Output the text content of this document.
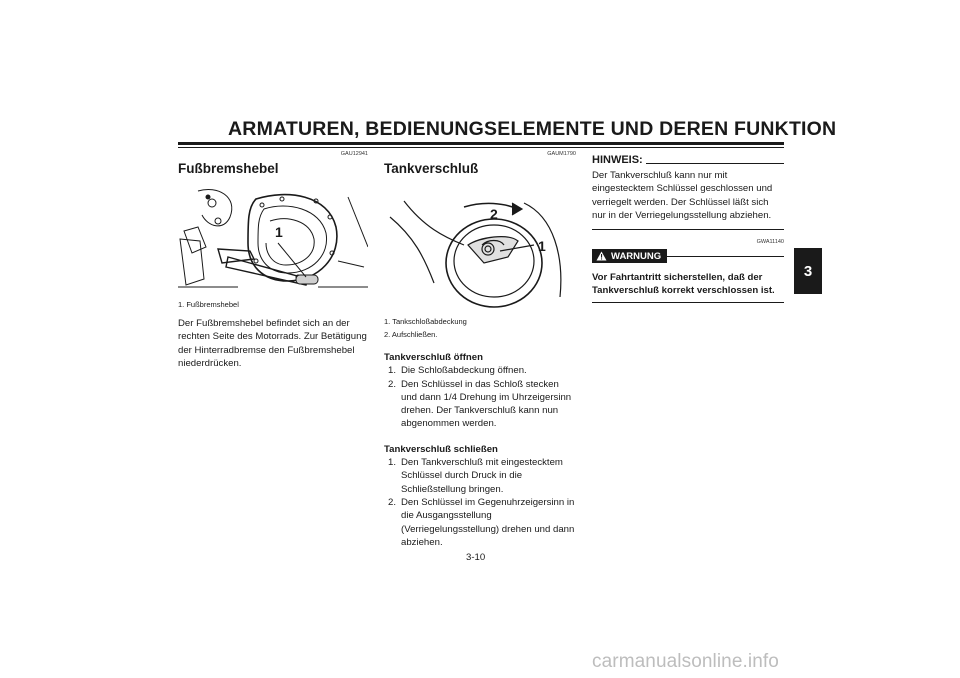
ARMATUREN, BEDIENUNGSELEMENTE UND DEREN FUNKTION
3
GAU12941
Fußbremshebel
1
1. Fußbremshebel
Der Fußbremshebel befindet sich an der rechten Seite des Motorrads. Zur Betätigung der Hinterradbremse den Fußbremshebel niederdrücken.
GAUM1790
Tankverschluß
2
1
1. Tankschloßabdeckung
2. Aufschließen.
Tankverschluß öffnen
1. Die Schloßabdeckung öffnen.
2. Den Schlüssel in das Schloß stecken und dann 1/4 Drehung im Uhrzeigersinn drehen. Der Tankverschluß kann nun abgenommen werden.
Tankverschluß schließen
1. Den Tankverschluß mit eingestecktem Schlüssel durch Druck in die Schließstellung bringen.
2. Den Schlüssel im Gegenuhrzeigersinn in die Ausgangsstellung (Verriegelungsstellung) drehen und dann abziehen.
HINWEIS:
Der Tankverschluß kann nur mit eingestecktem Schlüssel geschlossen und verriegelt werden. Der Schlüssel läßt sich nur in der Verriegelungsstellung abziehen.
GWA11140
WARNUNG
Vor Fahrtantritt sicherstellen, daß der Tankverschluß korrekt verschlossen ist.
3-10
carmanualsonline.info
